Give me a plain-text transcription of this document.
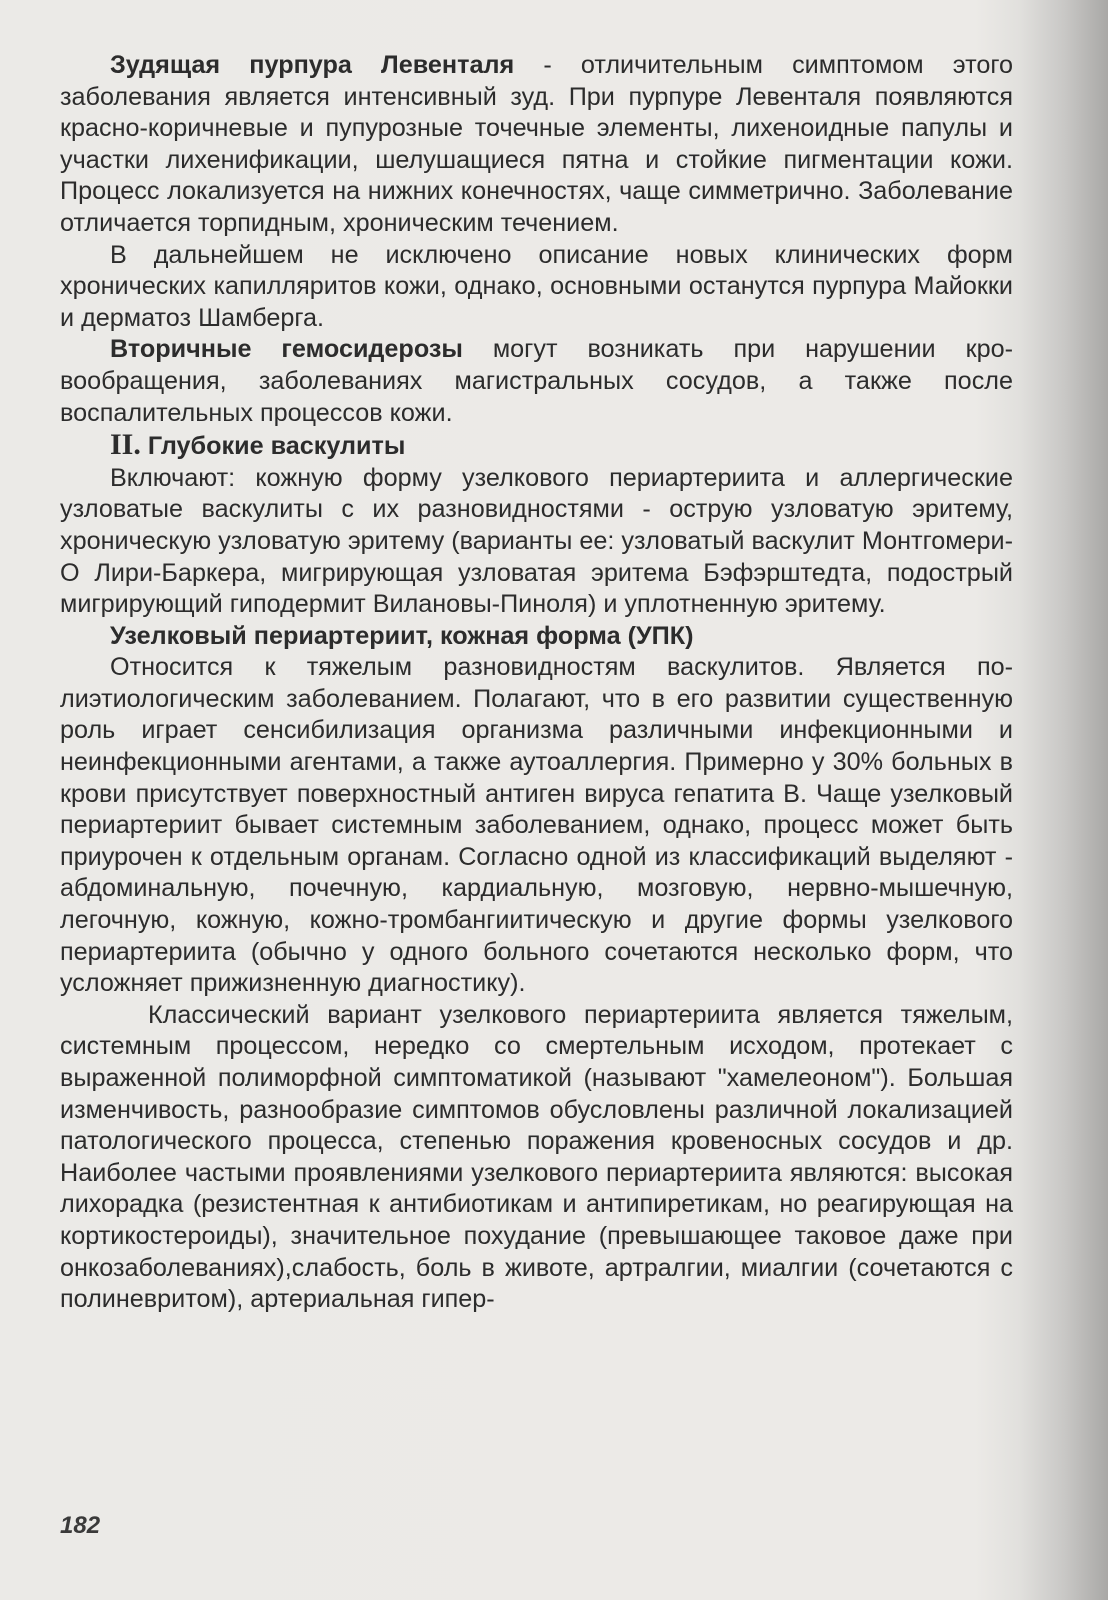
Зудящая пурпура Левенталя - отличительным симптомом этого заболевания является интенсивный зуд. При пурпуре Левенталя появляются красно-коричневые и пупурозные точечные элементы, лихеноидные папулы и участки лихенификации, шелушащиеся пятна и стойкие пигментации кожи. Процесс локализуется на нижних конечностях, чаще симметрично. Заболевание отличается торпидным, хроническим течением.

В дальнейшем не исключено описание новых клинических форм хронических капилляритов кожи, однако, основными останутся пурпура Майокки и дерматоз Шамберга.

Вторичные гемосидерозы могут возникать при нарушении кровообращения, заболеваниях магистральных сосудов, а также после воспалительных процессов кожи.

II. Глубокие васкулиты

Включают: кожную форму узелкового периартериита и аллергические узловатые васкулиты с их разновидностями - острую узловатую эритему, хроническую узловатую эритему (варианты ее: узловатый васкулит Монтгомери-О Лири-Баркера, мигрирующая узловатая эритема Бэфэрштедта, подострый мигрирующий гиподермит Вилановы-Пиноля) и уплотненную эритему.

Узелковый периартериит, кожная форма (УПК)

Относится к тяжелым разновидностям васкулитов. Является полиэтиологическим заболеванием. Полагают, что в его развитии существенную роль играет сенсибилизация организма различными инфекционными и неинфекционными агентами, а также аутоаллергия. Примерно у 30% больных в крови присутствует поверхностный антиген вируса гепатита В. Чаще узелковый периартериит бывает системным заболеванием, однако, процесс может быть приурочен к отдельным органам. Согласно одной из классификаций выделяют - абдоминальную, почечную, кардиальную, мозговую, нервно-мышечную, легочную, кожную, кожно-тромбангиитическую и другие формы узелкового периартериита (обычно у одного больного сочетаются несколько форм, что усложняет прижизненную диагностику).

Классический вариант узелкового периартериита является тяжелым, системным процессом, нередко со смертельным исходом, протекает с выраженной полиморфной симптоматикой (называют "хамелеоном"). Большая изменчивость, разнообразие симптомов обусловлены различной локализацией патологического процесса, степенью поражения кровеносных сосудов и др. Наиболее частыми проявлениями узелкового периартериита являются: высокая лихорадка (резистентная к антибиотикам и антипиретикам, но реагирующая на кортикостероиды), значительное похудание (превышающее таковое даже при онкозаболеваниях),слабость, боль в животе, артралгии, миалгии (сочетаются с полиневритом), артериальная гипер-

182
